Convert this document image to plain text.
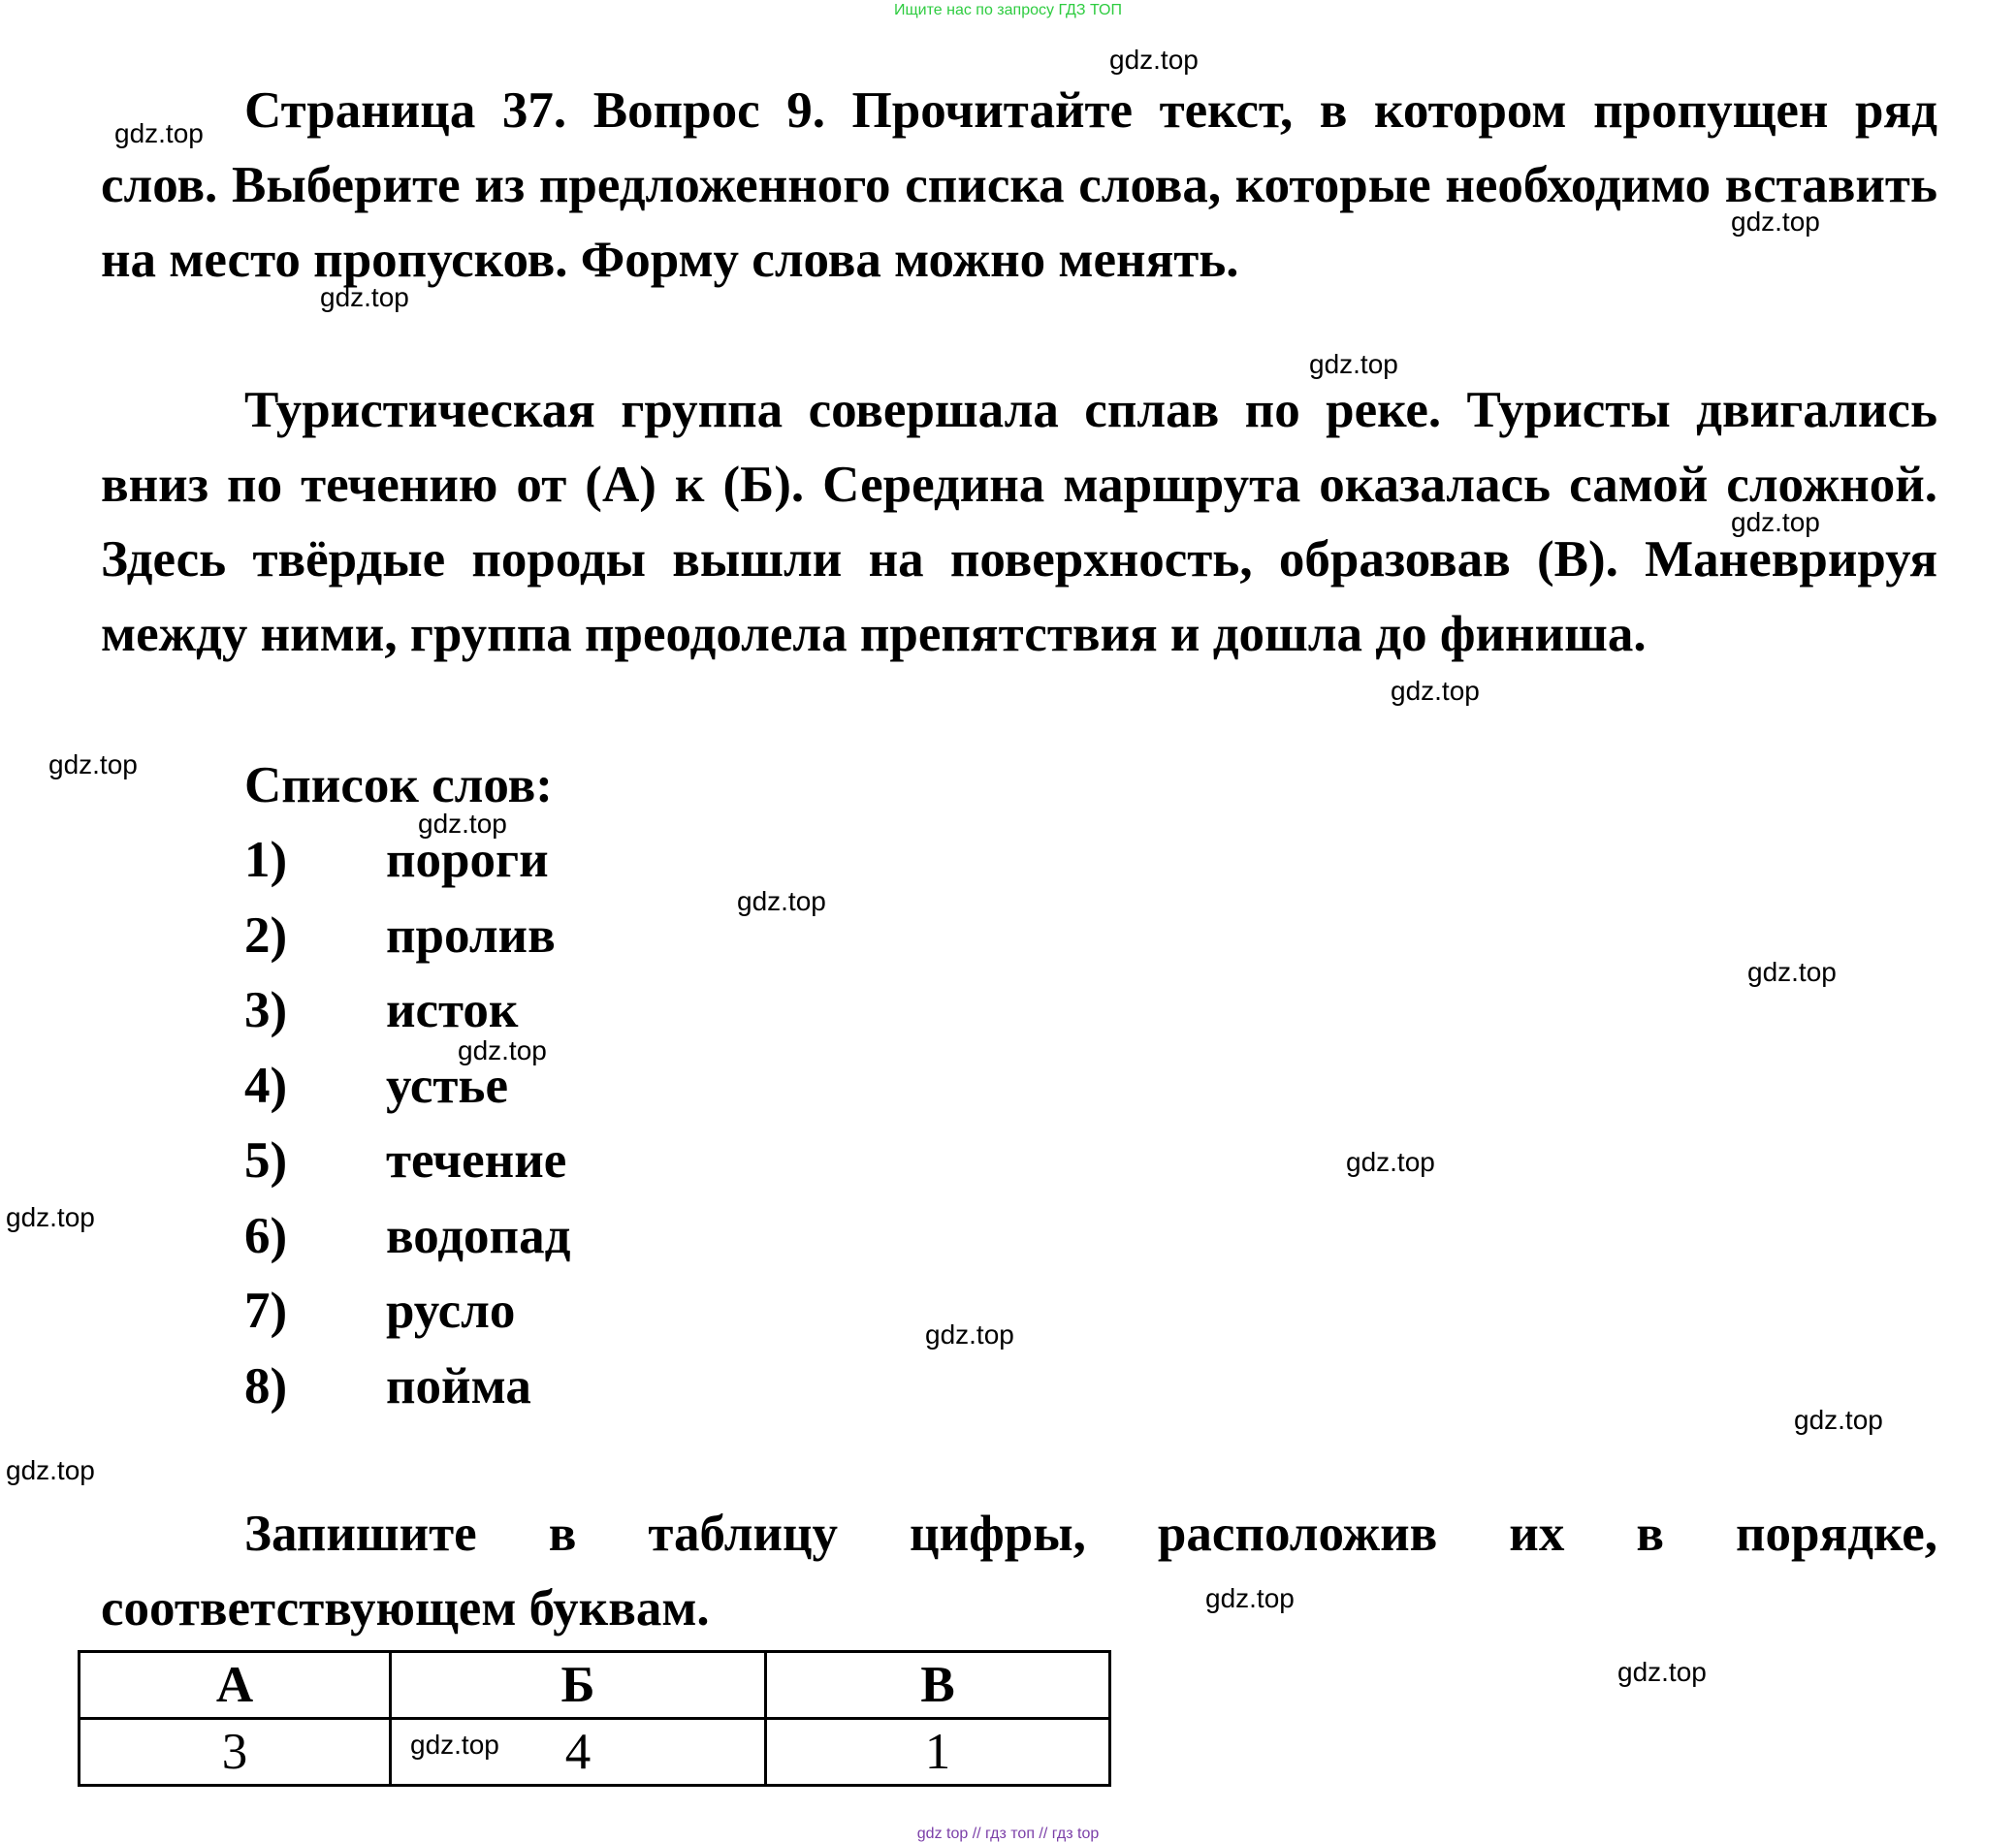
Ищите нас по запросу ГДЗ ТОП

Страница 37. Вопрос 9. Прочитайте текст, в котором пропущен ряд слов. Выберите из предложенного списка слова, которые необходимо вставить на место пропусков. Форму слова можно менять.

Туристическая группа совершала сплав по реке. Туристы двигались вниз по течению от (А) к (Б). Середина маршрута оказалась самой сложной. Здесь твёрдые породы вышли на поверхность, образовав (В). Маневрируя между ними, группа преодолела препятствия и дошла до финиша.

Список слов:

1) пороги
2) пролив
3) исток
4) устье
5) течение
6) водопад
7) русло
8) пойма

Запишите в таблицу цифры, расположив их в порядке, соответствующем буквам.

А	Б	В
3	4	1
gdz.top
gdz.top
gdz.top
gdz.top
gdz.top
gdz.top
gdz.top
gdz.top
gdz.top
gdz.top
gdz.top
gdz.top
gdz.top
gdz.top
gdz.top
gdz.top
gdz.top
gdz.top
gdz.top
gdz.top
gdz top // гдз топ // гдз top
